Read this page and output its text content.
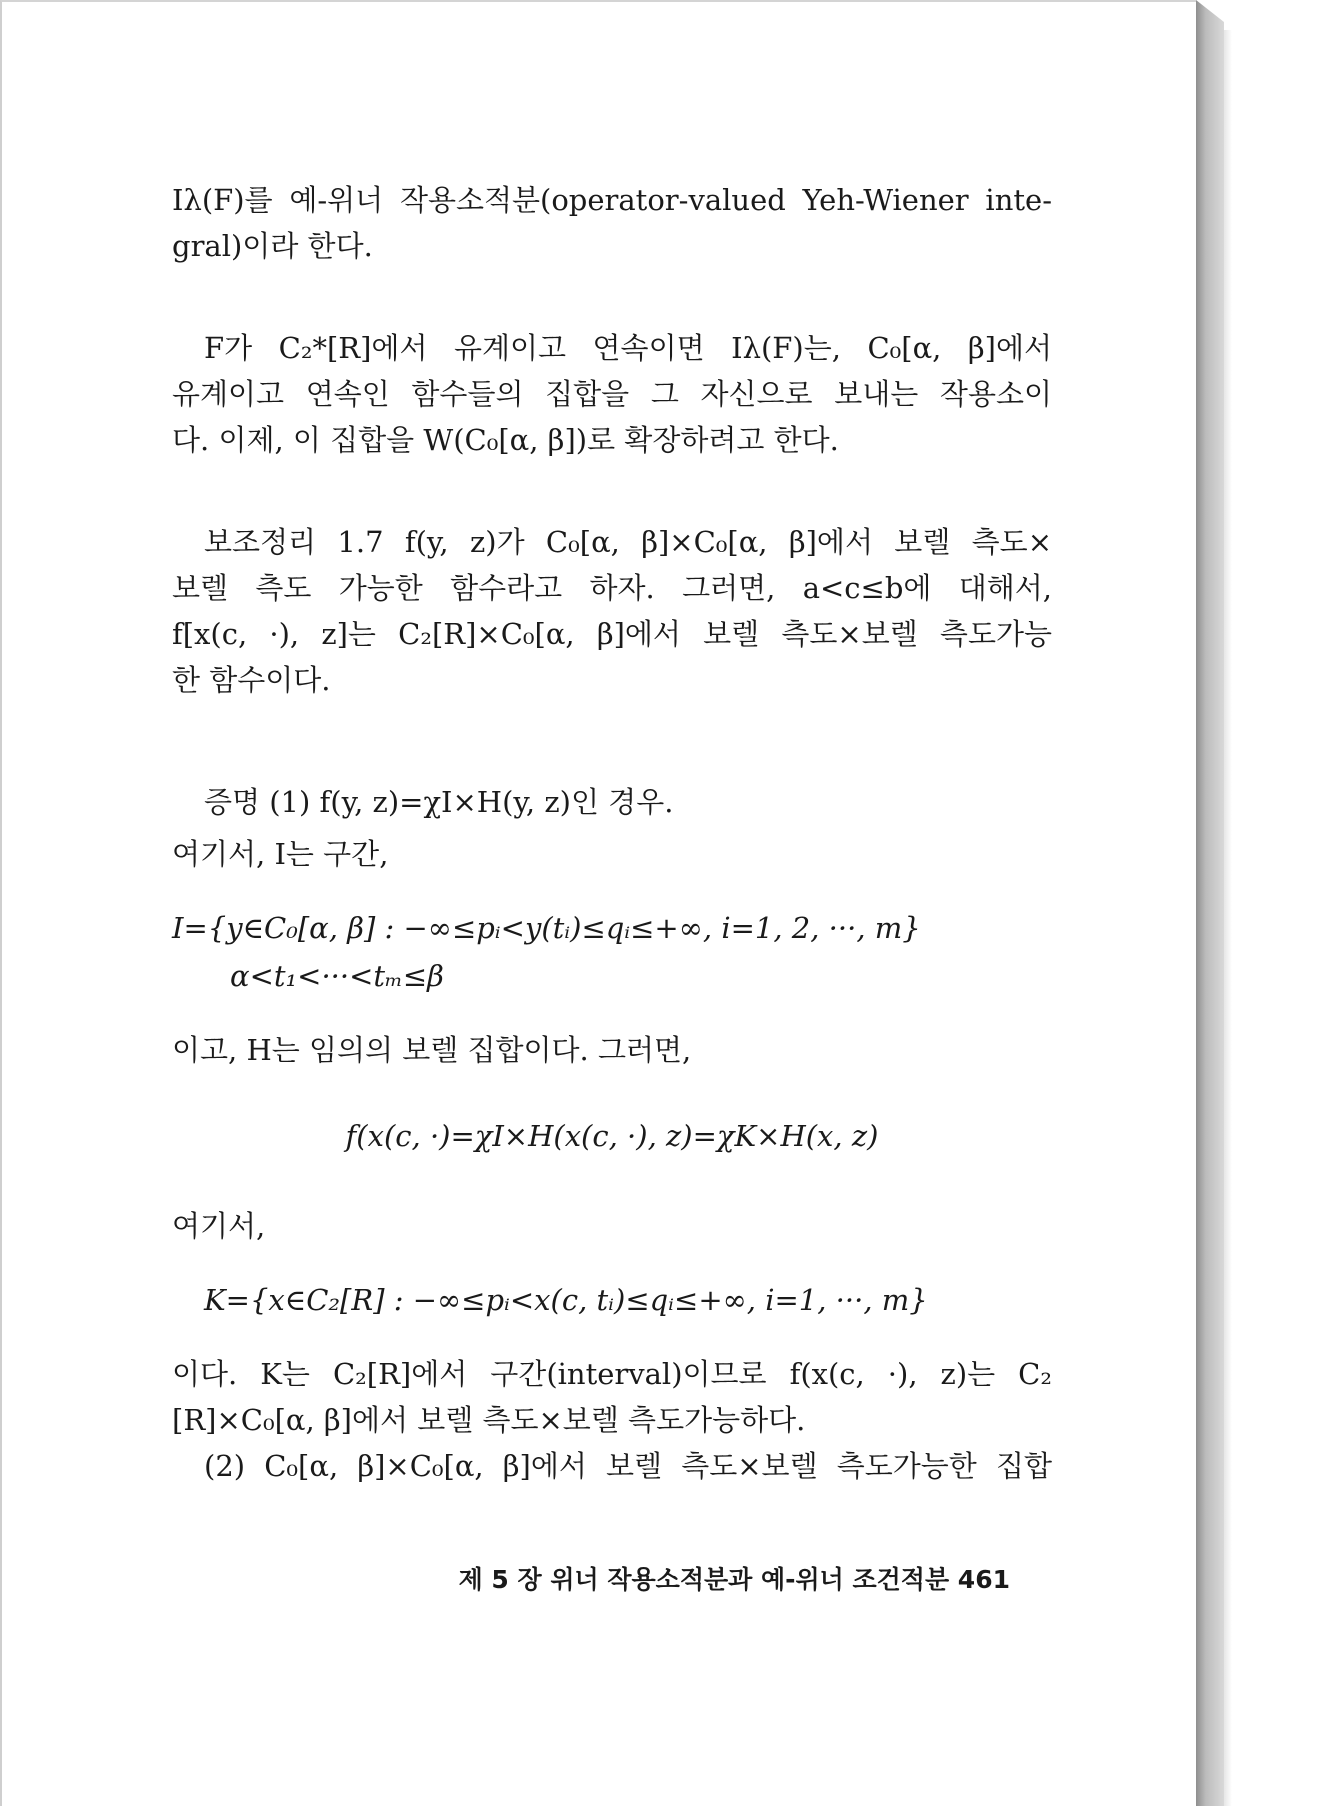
Iλ(F)를 예-위너 작용소적분(operator-valued Yeh-Wiener inte-
gral)이라 한다.
F가 C₂*[R]에서 유계이고 연속이면 Iλ(F)는, C₀[α, β]에서
유계이고 연속인 함수들의 집합을 그 자신으로 보내는 작용소이
다. 이제, 이 집합을 W(C₀[α, β])로 확장하려고 한다.
보조정리 1.7 f(y, z)가 C₀[α, β]×C₀[α, β]에서 보렐 측도×
보렐 측도 가능한 함수라고 하자. 그러면, a<c≤b에 대해서,
f[x(c, ·), z]는 C₂[R]×C₀[α, β]에서 보렐 측도×보렐 측도가능
한 함수이다.
증명 (1) f(y, z)=χI×H(y, z)인 경우.
여기서, I는 구간,
I={y∈C₀[α, β] : −∞≤pᵢ<y(tᵢ)≤qᵢ≤+∞, i=1, 2, ···, m}
α<t₁<···<tₘ≤β
이고, H는 임의의 보렐 집합이다. 그러면,
f(x(c, ·)=χI×H(x(c, ·), z)=χK×H(x, z)
여기서,
K={x∈C₂[R] : −∞≤pᵢ<x(c, tᵢ)≤qᵢ≤+∞, i=1, ···, m}
이다. K는 C₂[R]에서 구간(interval)이므로 f(x(c, ·), z)는 C₂
[R]×C₀[α, β]에서 보렐 측도×보렐 측도가능하다.
(2) C₀[α, β]×C₀[α, β]에서 보렐 측도×보렐 측도가능한 집합
제 5 장 위너 작용소적분과 예-위너 조건적분 461
